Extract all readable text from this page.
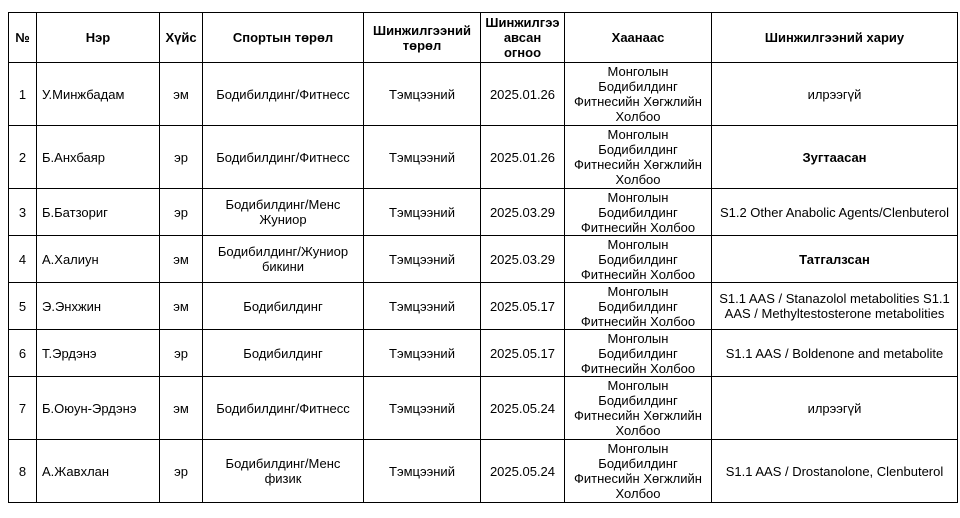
№	Нэр	Хүйс	Спортын төрөл	Шинжилгээний төрөл	Шинжилгээ авсан огноо	Хаанаас	Шинжилгээний хариу
1	У.Минжбадам	эм	Бодибилдинг/Фитнесс	Тэмцээний	2025.01.26	Монголын Бодибилдинг Фитнесийн Хөгжлийн Холбоо	илрээгүй
2	Б.Анхбаяр	эр	Бодибилдинг/Фитнесс	Тэмцээний	2025.01.26	Монголын Бодибилдинг Фитнесийн Хөгжлийн Холбоо	Зугтаасан
3	Б.Батзориг	эр	Бодибилдинг/Менс Жуниор	Тэмцээний	2025.03.29	Монголын Бодибилдинг Фитнесийн Холбоо	S1.2 Other Anabolic Agents/Clenbuterol
4	А.Халиун	эм	Бодибилдинг/Жуниор бикини	Тэмцээний	2025.03.29	Монголын Бодибилдинг Фитнесийн Холбоо	Татгалзсан
5	Э.Энхжин	эм	Бодибилдинг	Тэмцээний	2025.05.17	Монголын Бодибилдинг Фитнесийн Холбоо	S1.1 AAS / Stanazolol metabolities S1.1 AAS / Methyltestosterone metabolities
6	Т.Эрдэнэ	эр	Бодибилдинг	Тэмцээний	2025.05.17	Монголын Бодибилдинг Фитнесийн Холбоо	S1.1 AAS / Boldenone and metabolite
7	Б.Оюун-Эрдэнэ	эм	Бодибилдинг/Фитнесс	Тэмцээний	2025.05.24	Монголын Бодибилдинг Фитнесийн Хөгжлийн Холбоо	илрээгүй
8	А.Жавхлан	эр	Бодибилдинг/Менс физик	Тэмцээний	2025.05.24	Монголын Бодибилдинг Фитнесийн Хөгжлийн Холбоо	S1.1 AAS / Drostanolone, Clenbuterol
